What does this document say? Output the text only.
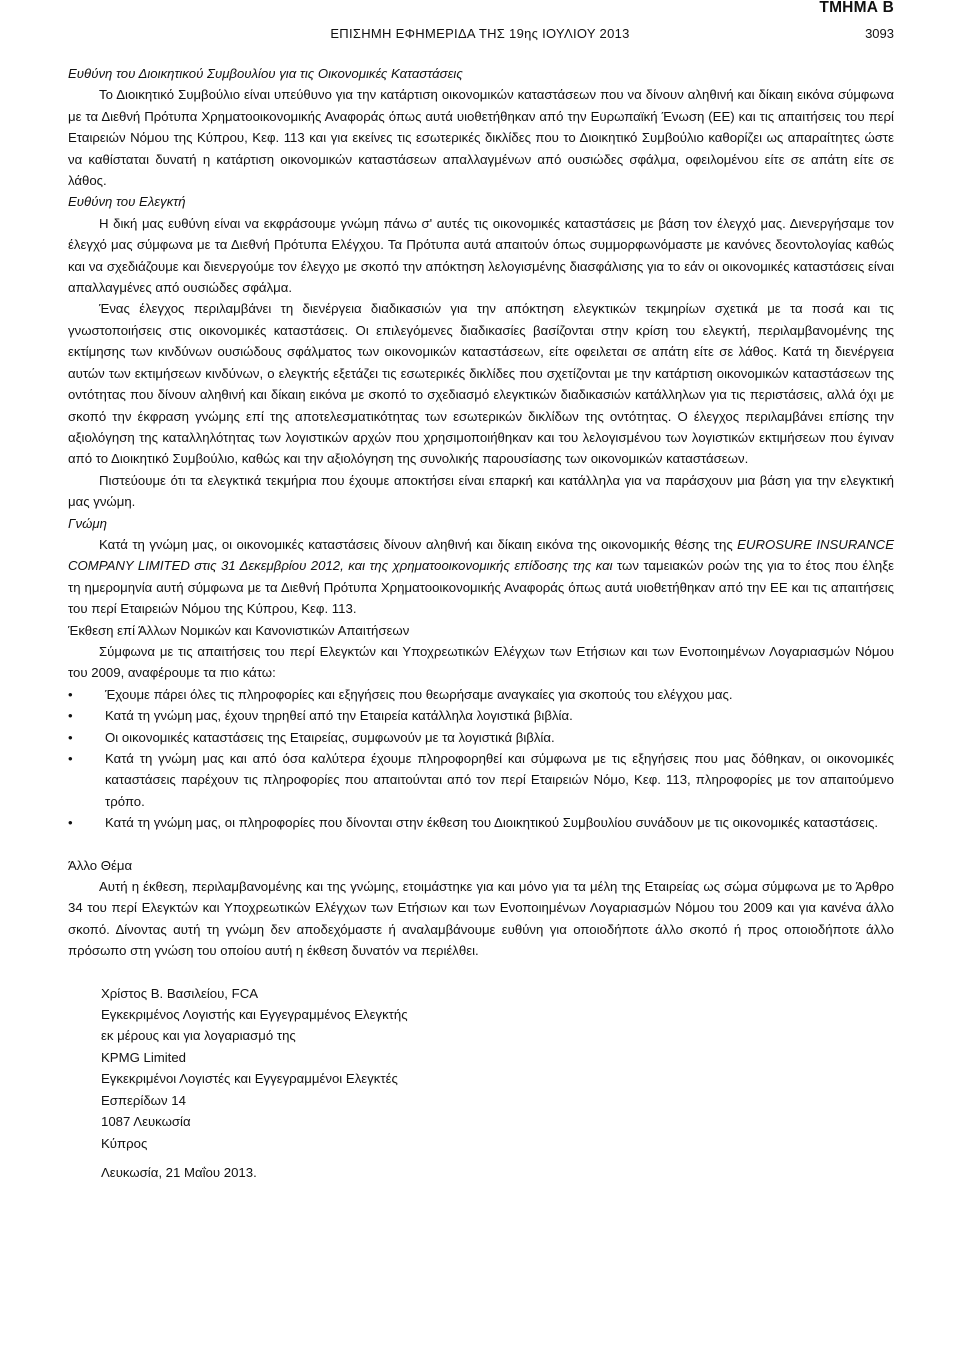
ΤΜΗΜΑ Β
ΕΠΙΣΗΜΗ ΕΦΗΜΕΡΙΔΑ ΤΗΣ 19ης ΙΟΥΛΙΟΥ 2013	3093

Ευθύνη του Διοικητικού Συμβουλίου για τις Οικονομικές Καταστάσεις

Το Διοικητικό Συμβούλιο είναι υπεύθυνο για την κατάρτιση οικονομικών καταστάσεων που να δίνουν αληθινή και δίκαιη εικόνα σύμφωνα με τα Διεθνή Πρότυπα Χρηματοοικονομικής Αναφοράς όπως αυτά υιοθετήθηκαν από την Ευρωπαϊκή Ένωση (ΕΕ) και τις απαιτήσεις του περί Εταιρειών Νόμου της Κύπρου, Κεφ. 113 και για εκείνες τις εσωτερικές δικλίδες που το Διοικητικό Συμβούλιο καθορίζει ως απαραίτητες ώστε να καθίσταται δυνατή η κατάρτιση οικονομικών καταστάσεων απαλλαγμένων από ουσιώδες σφάλμα, οφειλομένου είτε σε απάτη είτε σε λάθος.

Ευθύνη του Ελεγκτή

Η δική μας ευθύνη είναι να εκφράσουμε γνώμη πάνω σ' αυτές τις οικονομικές καταστάσεις με βάση τον έλεγχό μας. Διενεργήσαμε τον έλεγχό μας σύμφωνα με τα Διεθνή Πρότυπα Ελέγχου. Τα Πρότυπα αυτά απαιτούν όπως συμμορφωνόμαστε με κανόνες δεοντολογίας καθώς και να σχεδιάζουμε και διενεργούμε τον έλεγχο με σκοπό την απόκτηση λελογισμένης διασφάλισης για το εάν οι οικονομικές καταστάσεις είναι απαλλαγμένες από ουσιώδες σφάλμα.

Ένας έλεγχος περιλαμβάνει τη διενέργεια διαδικασιών για την απόκτηση ελεγκτικών τεκμηρίων σχετικά με τα ποσά και τις γνωστοποιήσεις στις οικονομικές καταστάσεις. Οι επιλεγόμενες διαδικασίες βασίζονται στην κρίση του ελεγκτή, περιλαμβανομένης της εκτίμησης των κινδύνων ουσιώδους σφάλματος των οικονομικών καταστάσεων, είτε οφειλεται σε απάτη είτε σε λάθος. Κατά τη διενέργεια αυτών των εκτιμήσεων κινδύνων, ο ελεγκτής εξετάζει τις εσωτερικές δικλίδες που σχετίζονται με την κατάρτιση οικονομικών καταστάσεων της οντότητας που δίνουν αληθινή και δίκαιη εικόνα με σκοπό το σχεδιασμό ελεγκτικών διαδικασιών κατάλληλων για τις περιστάσεις, αλλά όχι με σκοπό την έκφραση γνώμης επί της αποτελεσματικότητας των εσωτερικών δικλίδων της οντότητας. Ο έλεγχος περιλαμβάνει επίσης την αξιολόγηση της καταλληλότητας των λογιστικών αρχών που χρησιμοποιήθηκαν και του λελογισμένου των λογιστικών εκτιμήσεων που έγιναν από το Διοικητικό Συμβούλιο, καθώς και την αξιολόγηση της συνολικής παρουσίασης των οικονομικών καταστάσεων.

Πιστεύουμε ότι τα ελεγκτικά τεκμήρια που έχουμε αποκτήσει είναι επαρκή και κατάλληλα για να παράσχουν μια βάση για την ελεγκτική μας γνώμη.

Γνώμη

Κατά τη γνώμη μας, οι οικονομικές καταστάσεις δίνουν αληθινή και δίκαιη εικόνα της οικονομικής θέσης της EUROSURE INSURANCE COMPANY LIMITED στις 31 Δεκεμβρίου 2012, και της χρηματοοικονομικής επίδοσης της και των ταμειακών ροών της για το έτος που έληξε τη ημερομηνία αυτή σύμφωνα με τα Διεθνή Πρότυπα Χρηματοοικονομικής Αναφοράς όπως αυτά υιοθετήθηκαν από την ΕΕ και τις απαιτήσεις του περί Εταιρειών Νόμου της Κύπρου, Κεφ. 113.

Έκθεση επί Άλλων Νομικών και Κανονιστικών Απαιτήσεων

Σύμφωνα με τις απαιτήσεις του περί Ελεγκτών και Υποχρεωτικών Ελέγχων των Ετήσιων και των Ενοποιημένων Λογαριασμών Νόμου του 2009, αναφέρουμε τα πιο κάτω:

• Έχουμε πάρει όλες τις πληροφορίες και εξηγήσεις που θεωρήσαμε αναγκαίες για σκοπούς του ελέγχου μας.
• Κατά τη γνώμη μας, έχουν τηρηθεί από την Εταιρεία κατάλληλα λογιστικά βιβλία.
• Οι οικονομικές καταστάσεις της Εταιρείας, συμφωνούν με τα λογιστικά βιβλία.
• Κατά τη γνώμη μας και από όσα καλύτερα έχουμε πληροφορηθεί και σύμφωνα με τις εξηγήσεις που μας δόθηκαν, οι οικονομικές καταστάσεις παρέχουν τις πληροφορίες που απαιτούνται από τον περί Εταιρειών Νόμο, Κεφ. 113, πληροφορίες με τον απαιτούμενο τρόπο.
• Κατά τη γνώμη μας, οι πληροφορίες που δίνονται στην έκθεση του Διοικητικού Συμβουλίου συνάδουν με τις οικονομικές καταστάσεις.

Άλλο Θέμα

Αυτή η έκθεση, περιλαμβανομένης και της γνώμης, ετοιμάστηκε για και μόνο για τα μέλη της Εταιρείας ως σώμα σύμφωνα με το Άρθρο 34 του περί Ελεγκτών και Υποχρεωτικών Ελέγχων των Ετήσιων και των Ενοποιημένων Λογαριασμών Νόμου του 2009 και για κανένα άλλο σκοπό. Δίνοντας αυτή τη γνώμη δεν αποδεχόμαστε ή αναλαμβάνουμε ευθύνη για οποιοδήποτε άλλο σκοπό ή προς οποιοδήποτε άλλο πρόσωπο στη γνώση του οποίου αυτή η έκθεση δυνατόν να περιέλθει.

Χρίστος Β. Βασιλείου, FCA
Εγκεκριμένος Λογιστής και Εγγεγραμμένος Ελεγκτής
εκ μέρους και για λογαριασμό της
KPMG Limited
Εγκεκριμένοι Λογιστές και Εγγεγραμμένοι Ελεγκτές
Εσπερίδων 14
1087 Λευκωσία
Κύπρος
Λευκωσία, 21 Μαΐου 2013.
